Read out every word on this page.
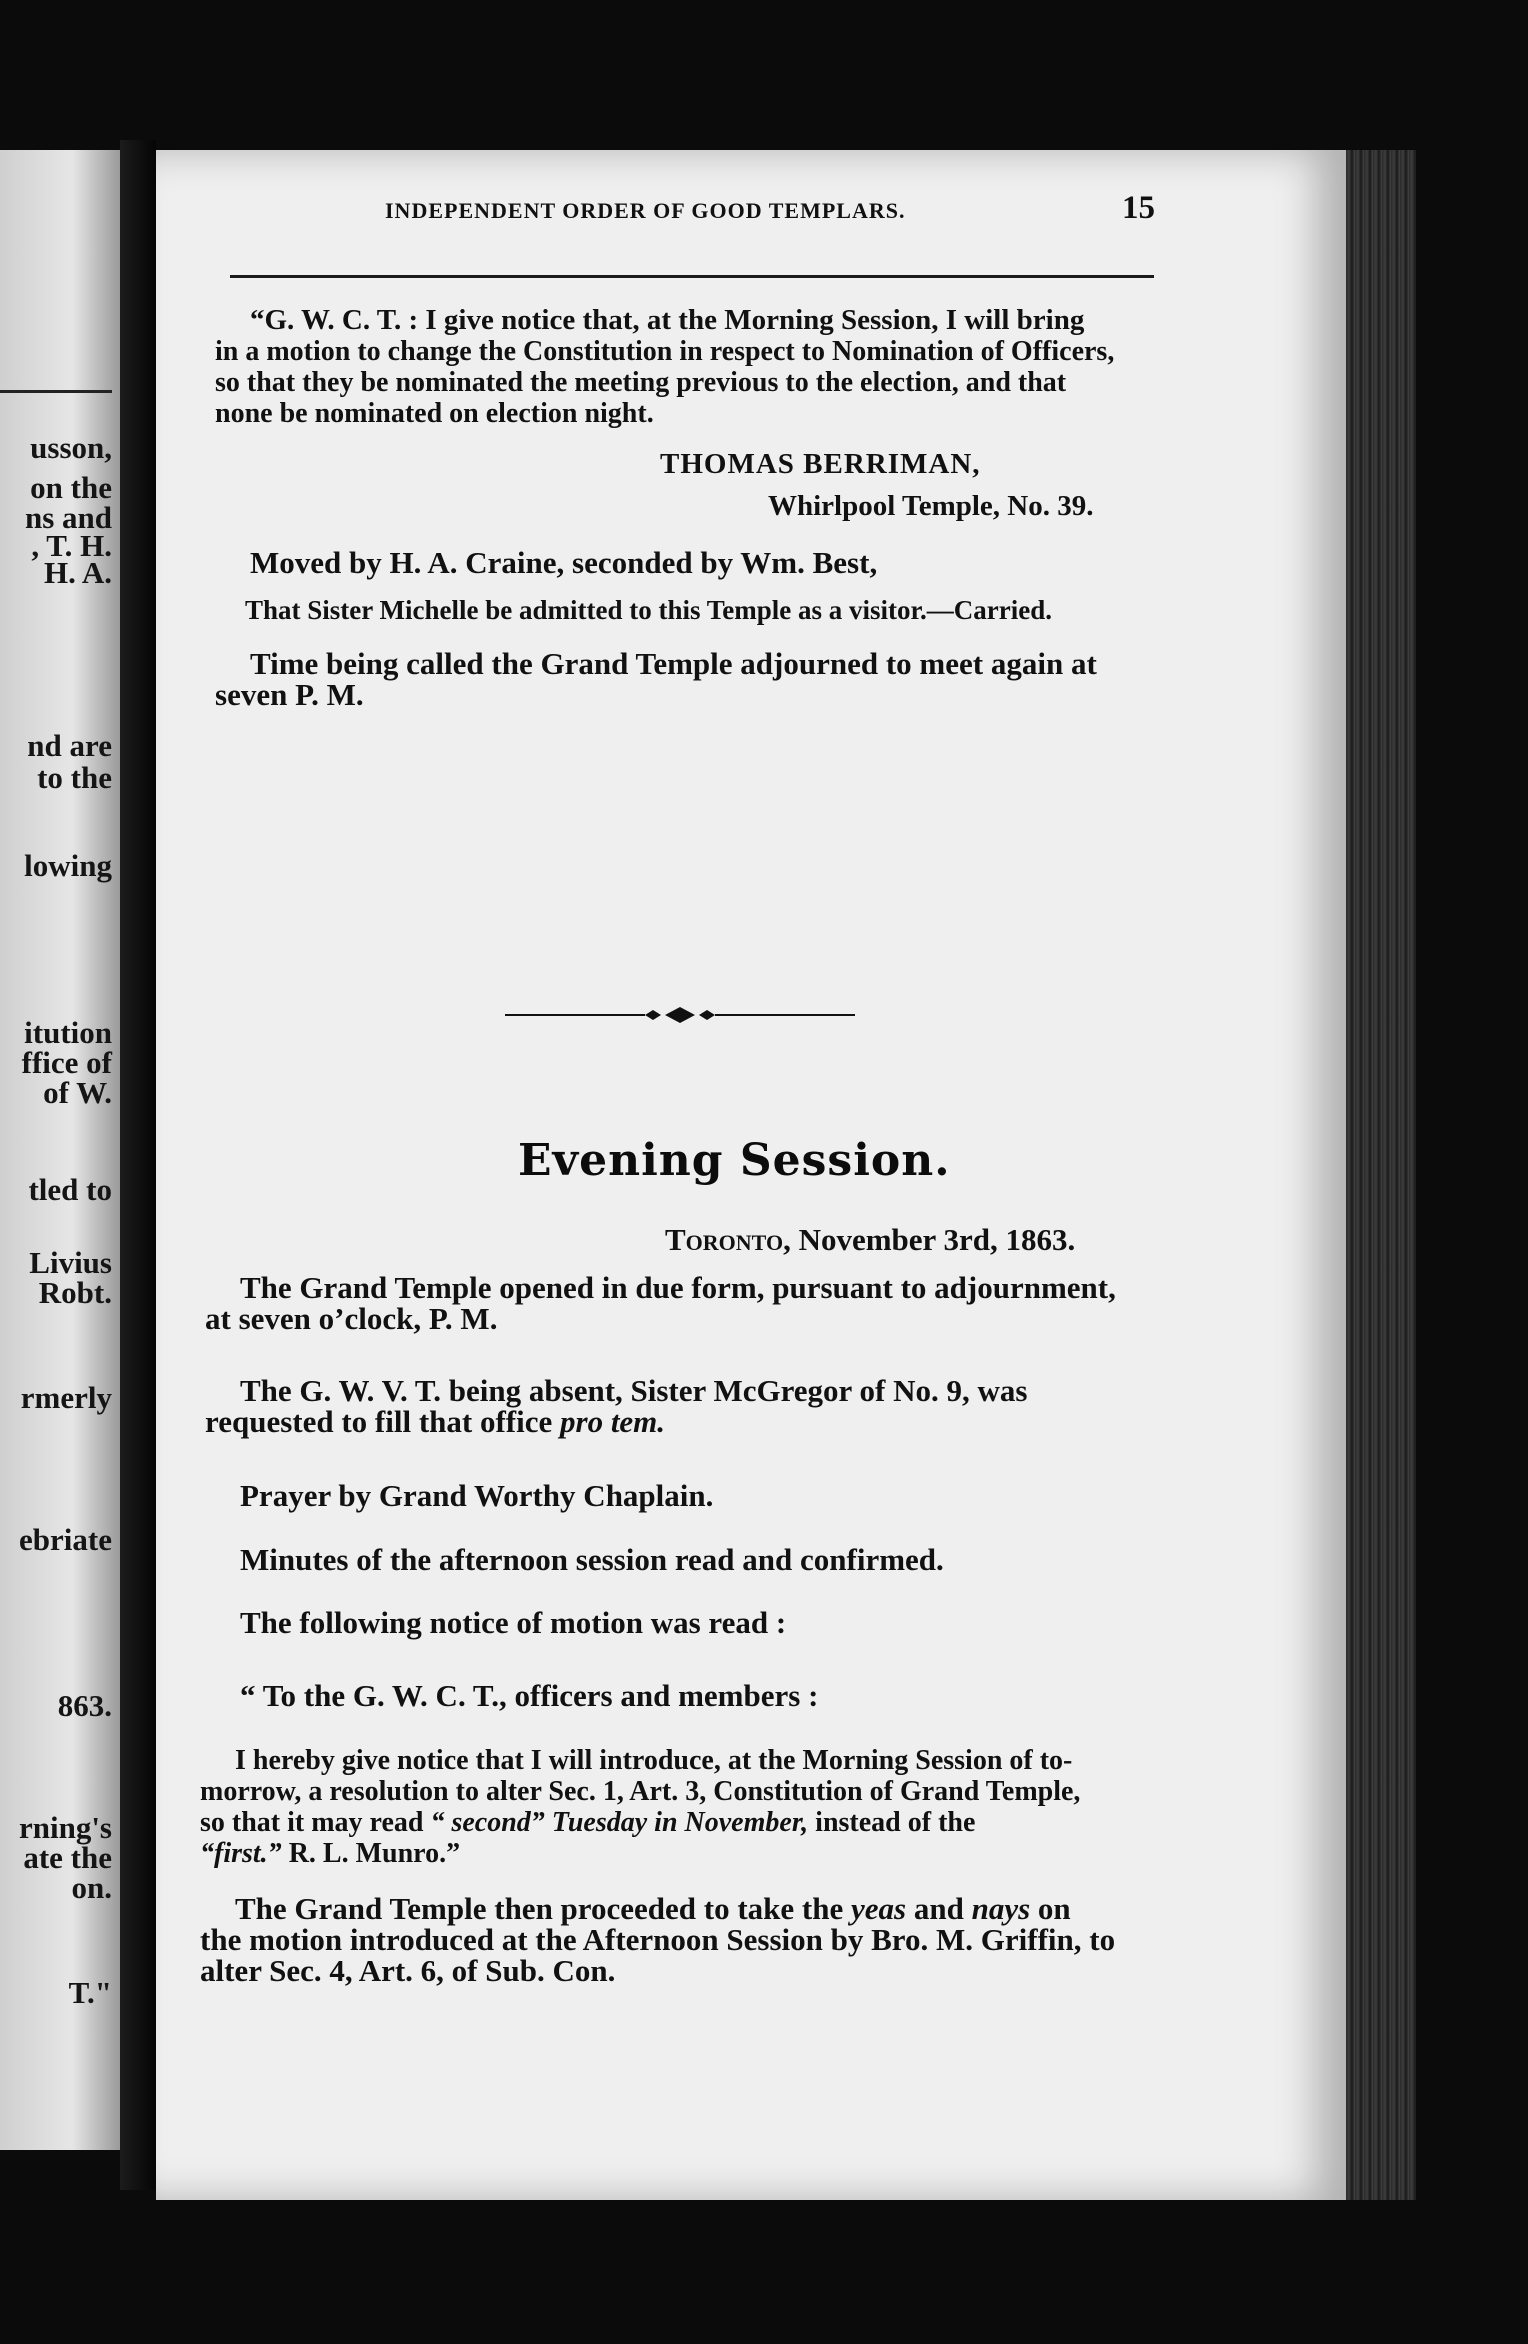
usson,
on the
ns and
, T. H.
H. A.
nd are
to the
lowing
itution
ffice of
of W.
tled to
Livius
Robt.
rmerly
ebriate
863.
rning's
ate the
on.
T."
INDEPENDENT ORDER OF GOOD TEMPLARS.	15
“G. W. C. T. : I give notice that, at the Morning Session, I will bring
in a motion to change the Constitution in respect to Nomination of Officers,
so that they be nominated the meeting previous to the election, and that
none be nominated on election night.
THOMAS BERRIMAN,
Whirlpool Temple, No. 39.
Moved by H. A. Craine, seconded by Wm. Best,
That Sister Michelle be admitted to this Temple as a visitor.—Carried.
Time being called the Grand Temple adjourned to meet again at
seven P. M.
Evening Session.
Toronto, November 3rd, 1863.
The Grand Temple opened in due form, pursuant to adjournment,
at seven o’clock, P. M.
The G. W. V. T. being absent, Sister McGregor of No. 9, was
requested to fill that office pro tem.
Prayer by Grand Worthy Chaplain.
Minutes of the afternoon session read and confirmed.
The following notice of motion was read :
“ To the G. W. C. T., officers and members :
I hereby give notice that I will introduce, at the Morning Session of to-
morrow, a resolution to alter Sec. 1, Art. 3, Constitution of Grand Temple,
so that it may read “ second” Tuesday in November, instead of the
“first.” R. L. Munro.”
The Grand Temple then proceeded to take the yeas and nays on
the motion introduced at the Afternoon Session by Bro. M. Griffin, to
alter Sec. 4, Art. 6, of Sub. Con.
